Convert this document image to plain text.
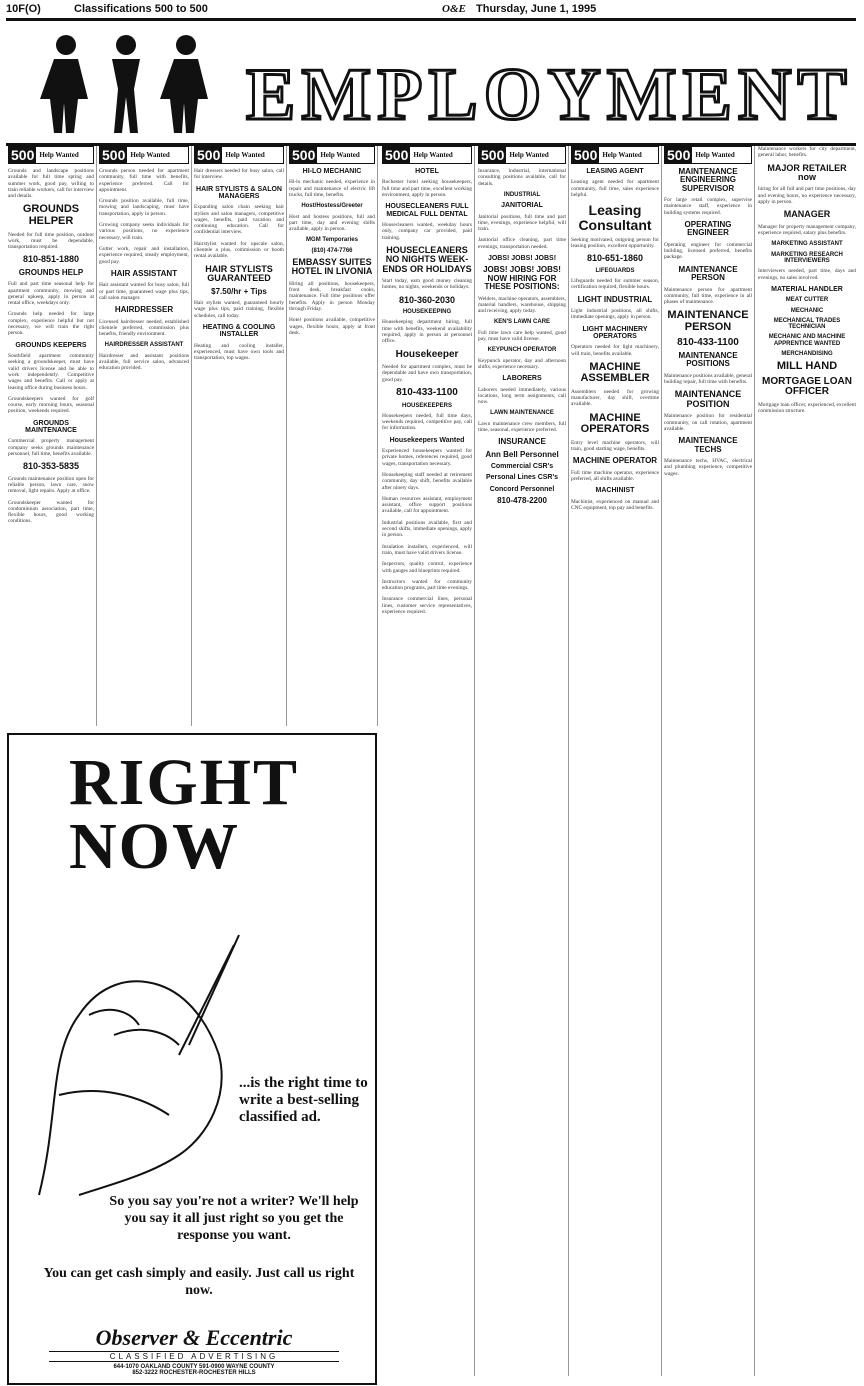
10F(O)	Classifications 500 to 500	O&E Thursday, June 1, 1995
EMPLOYMENT
500 Help Wanted

Grounds and landscape positions available for full time spring and summer work, good pay, willing to train reliable workers, call for interview and details.

GROUNDS HELPER

Needed for full time position, outdoor work, must be dependable, transportation required.

810-851-1880
GROUNDS HELP

Full and part time seasonal help for apartment community, mowing and general upkeep, apply in person at rental office, weekdays only.

Grounds help needed for large complex, experience helpful but not necessary, we will train the right person.

GROUNDS KEEPERS

Southfield apartment community seeking a groundskeeper, must have valid drivers license and be able to work independently. Competitive wages and benefits. Call or apply at leasing office during business hours.

Groundskeepers wanted for golf course, early morning hours, seasonal position, weekends required.

GROUNDS MAINTENANCE

Commercial property management company seeks grounds maintenance personnel, full time, benefits available.

810-353-5835

Grounds maintenance position open for reliable person, lawn care, snow removal, light repairs. Apply at office.

Groundskeeper wanted for condominium association, part time, flexible hours, good working conditions.

500 Help Wanted

Grounds person needed for apartment community, full time with benefits, experience preferred. Call for appointment.

Grounds position available, full time, mowing and landscaping, must have transportation, apply in person.

Growing company seeks individuals for various positions, no experience necessary, will train.

Gutter work, repair and installation, experience required, steady employment, good pay.

HAIR ASSISTANT

Hair assistant wanted for busy salon, full or part time, guaranteed wage plus tips, call salon manager.

HAIRDRESSER

Licensed hairdresser needed, established clientele preferred, commission plus benefits, friendly environment.

HAIRDRESSER ASSISTANT

Hairdresser and assistant positions available, full service salon, advanced education provided.

500 Help Wanted

Hair dressers needed for busy salon, call for interview.

HAIR STYLISTS & SALON MANAGERS

Expanding salon chain seeking hair stylists and salon managers, competitive wages, benefits, paid vacation and continuing education. Call for confidential interview.

Hairstylist wanted for upscale salon, clientele a plus, commission or booth rental available.

HAIR STYLISTS GUARANTEED
$7.50/hr + Tips

Hair stylists wanted, guaranteed hourly wage plus tips, paid training, flexible schedules, call today.

HEATING & COOLING INSTALLER

Heating and cooling installer, experienced, must have own tools and transportation, top wages.

500 Help Wanted
HI-LO MECHANIC

Hi-lo mechanic needed, experience in repair and maintenance of electric lift trucks, full time, benefits.

Host/Hostess/Greeter

Host and hostess positions, full and part time, day and evening shifts available, apply in person.

MGM Temporaries
(810) 474-7766
EMBASSY SUITES HOTEL IN LIVONIA

Hiring all positions, housekeepers, front desk, breakfast cooks, maintenance. Full time positions offer benefits. Apply in person Monday through Friday.

Hotel positions available, competitive wages, flexible hours, apply at front desk.

500 Help Wanted
HOTEL

Rochester hotel seeking housekeepers, full time and part time, excellent working environment, apply in person.

HOUSECLEANERS FULL MEDICAL FULL DENTAL

Housecleaners wanted, weekday hours only, company car provided, paid training.

HOUSECLEANERS NO NIGHTS WEEK-ENDS OR HOLIDAYS

Start today, earn good money cleaning homes, no nights, weekends or holidays.

810-360-2030
HOUSEKEEPING

Housekeeping department hiring, full time with benefits, weekend availability required, apply in person at personnel office.

Housekeeper

Needed for apartment complex, must be dependable and have own transportation, good pay.

810-433-1100
HOUSEKEEPERS

Housekeepers needed, full time days, weekends required, competitive pay, call for information.

Housekeepers Wanted

Experienced housekeepers wanted for private homes, references required, good wages, transportation necessary.

Housekeeping staff needed at retirement community, day shift, benefits available after ninety days.

Human resources assistant, employment assistant, office support positions available, call for appointment.

Industrial positions available, first and second shifts, immediate openings, apply in person.

Insulation installers, experienced, will train, must have valid drivers license.

Inspectors, quality control, experience with gauges and blueprints required.

Instructors wanted for community education programs, part time evenings.

Insurance commercial lines, personal lines, customer service representatives, experience required.

500 Help Wanted

Insurance, industrial, international consulting positions available, call for details.

INDUSTRIAL
JANITORIAL

Janitorial positions, full time and part time, evenings, experience helpful, will train.

Janitorial office cleaning, part time evenings, transportation needed.

JOBS! JOBS! JOBS!
JOBS! JOBS! JOBS! NOW HIRING FOR THESE POSITIONS:

Welders, machine operators, assemblers, material handlers, warehouse, shipping and receiving, apply today.

KEN'S LAWN CARE

Full time lawn care help wanted, good pay, must have valid license.

KEYPUNCH OPERATOR

Keypunch operator, day and afternoon shifts, experience necessary.

LABORERS

Laborers needed immediately, various locations, long term assignments, call now.

LAWN MAINTENANCE

Lawn maintenance crew members, full time, seasonal, experience preferred.

INSURANCE
Ann Bell Personnel
Commercial CSR's
Personal Lines CSR's
Concord Personnel
810-478-2200
500 Help Wanted
LEASING AGENT

Leasing agent needed for apartment community, full time, sales experience helpful.

Leasing Consultant

Seeking motivated, outgoing person for leasing position, excellent opportunity.

810-651-1860
LIFEGUARDS

Lifeguards needed for summer season, certification required, flexible hours.

LIGHT INDUSTRIAL

Light industrial positions, all shifts, immediate openings, apply in person.

LIGHT MACHINERY OPERATORS

Operators needed for light machinery, will train, benefits available.

MACHINE ASSEMBLER

Assemblers needed for growing manufacturer, day shift, overtime available.

MACHINE OPERATORS

Entry level machine operators, will train, good starting wage, benefits.

MACHINE OPERATOR

Full time machine operator, experience preferred, all shifts available.

MACHINIST

Machinist, experienced on manual and CNC equipment, top pay and benefits.

500 Help Wanted
MAINTENANCE ENGINEERING SUPERVISOR

For large retail complex, supervise maintenance staff, experience in building systems required.

OPERATING ENGINEER

Operating engineer for commercial building, licensed preferred, benefits package.

MAINTENANCE PERSON

Maintenance person for apartment community, full time, experience in all phases of maintenance.

MAINTENANCE PERSON
810-433-1100
MAINTENANCE POSITIONS

Maintenance positions available, general building repair, full time with benefits.

MAINTENANCE POSITION

Maintenance position for residential community, on call rotation, apartment available.

MAINTENANCE TECHS

Maintenance techs, HVAC, electrical and plumbing experience, competitive wages.

Maintenance workers for city department, general labor, benefits.

MAJOR RETAILER now

hiring for all full and part time positions, day and evening hours, no experience necessary, apply in person.

MANAGER

Manager for property management company, experience required, salary plus benefits.

MARKETING ASSISTANT
MARKETING RESEARCH INTERVIEWERS

Interviewers needed, part time, days and evenings, no sales involved.

MATERIAL HANDLER
MEAT CUTTER
MECHANIC
MECHANICAL TRADES TECHNICIAN
MECHANIC AND MACHINE APPRENTICE WANTED
MERCHANDISING
MILL HAND
MORTGAGE LOAN OFFICER

Mortgage loan officer, experienced, excellent commission structure.

RIGHT NOW
...is the right time to write a best-selling classified ad.
So you say you're not a writer? We'll help you say it all just right so you get the response you want.
You can get cash simply and easily. Just call us right now.
Observer & Eccentric
CLASSIFIED ADVERTISING
644-1070 OAKLAND COUNTY 591-0900 WAYNE COUNTY
852-3222 ROCHESTER-ROCHESTER HILLS
